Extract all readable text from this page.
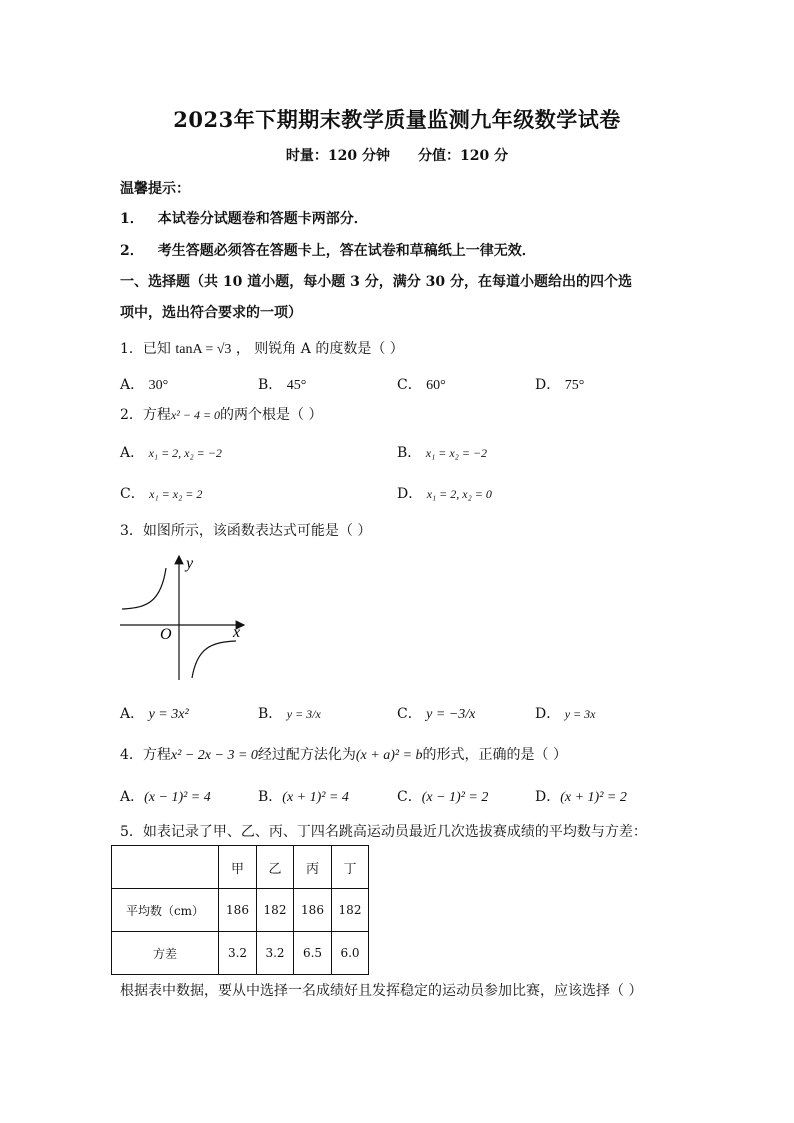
2023年下期期末教学质量监测九年级数学试卷
时量：120 分钟 分值：120 分
温馨提示：
1． 本试卷分试题卷和答题卡两部分．
2． 考生答题必须答在答题卡上，答在试卷和草稿纸上一律无效．
一、选择题（共 10 道小题，每小题 3 分，满分 30 分，在每道小题给出的四个选
项中，选出符合要求的一项）
1．已知 tanA = √3 ， 则锐角 A 的度数是（ ）
A． 30°	B． 45°	C． 60°	D． 75°
2．方程x² − 4 = 0的两个根是（ ）
A． x₁ = 2, x₂ = −2	B． x₁ = x₂ = −2
C． x₁ = x₂ = 2	D． x₁ = 2, x₂ = 0
3．如图所示，该函数表达式可能是（ ）
y
x
O
A． y = 3x²	B． y = 3/x	C． y = −3/x	D． y = 3x
4．方程x² − 2x − 3 = 0经过配方法化为(x + a)² = b的形式，正确的是（ ）
A．(x − 1)² = 4	B．(x + 1)² = 4	C．(x − 1)² = 2	D．(x + 1)² = 2
5．如表记录了甲、乙、丙、丁四名跳高运动员最近几次选拔赛成绩的平均数与方差：
	甲	乙	丙	丁
平均数（cm）	186	182	186	182
方差	3.2	3.2	6.5	6.0
根据表中数据，要从中选择一名成绩好且发挥稳定的运动员参加比赛，应该选择（ ）
